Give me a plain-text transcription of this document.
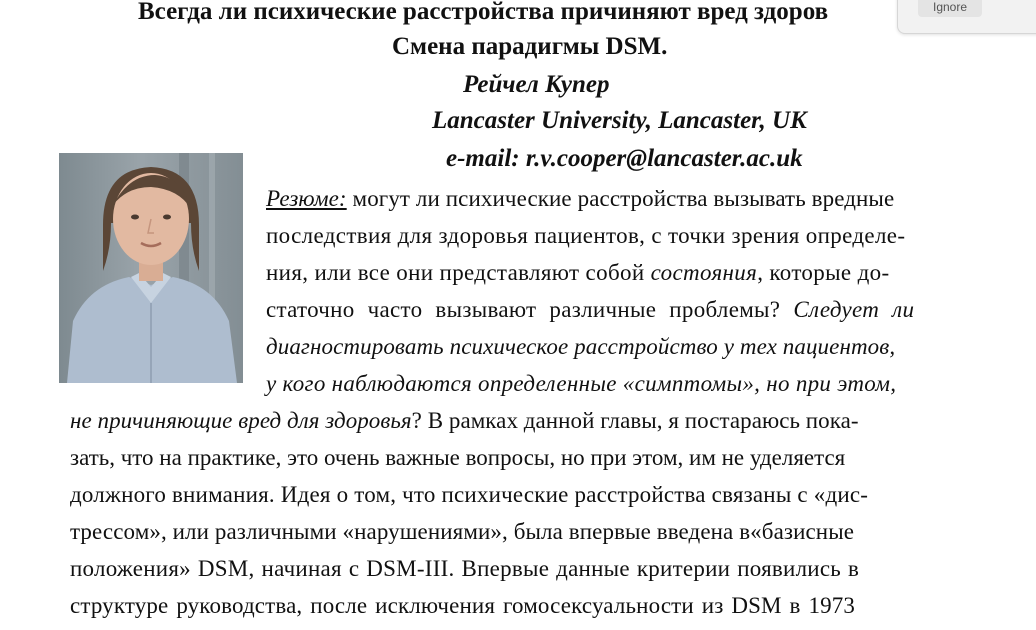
Всегда ли психические расстройства причиняют вред здоров
Смена парадигмы DSM.
Рейчел Купер
Lancaster University, Lancaster, UK
e-mail: r.v.cooper@lancaster.ac.uk
Ignore
Резюме: могут ли психические расстройства вызывать вредные
последствия для здоровья пациентов, с точки зрения определе-
ния, или все они представляют собой состояния, которые до-
статочно часто вызывают различные проблемы? Следует ли
диагностировать психическое расстройство у тех пациентов,
у кого наблюдаются определенные «симптомы», но при этом,
не причиняющие вред для здоровья? В рамках данной главы, я постараюсь пока-
зать, что на практике, это очень важные вопросы, но при этом, им не уделяется
должного внимания. Идея о том, что психические расстройства связаны с «дис-
трессом», или различными «нарушениями», была впервые введена в«базисные
положения» DSM, начиная с DSM-III. Впервые данные критерии появились в
структуре руководства, после исключения гомосексуальности из DSM в 1973
